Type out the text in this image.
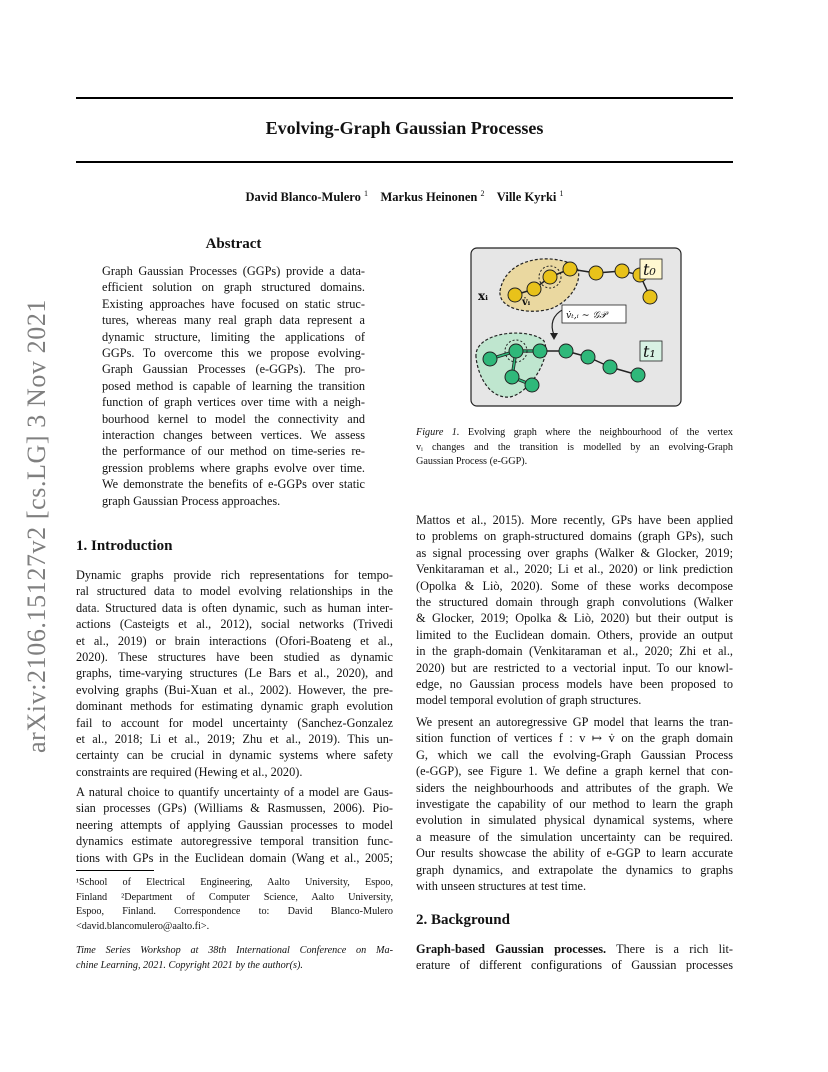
arXiv:2106.15127v2 [cs.LG] 3 Nov 2021
Evolving-Graph Gaussian Processes
David Blanco-Mulero $^1$ Markus Heinonen $^2$ Ville Kyrki $^1$
Abstract
Graph Gaussian Processes (GGPs) provide a data-
efficient solution on graph structured domains.
Existing approaches have focused on static struc-
tures, whereas many real graph data represent a
dynamic structure, limiting the applications of
GGPs. To overcome this we propose evolving-
Graph Gaussian Processes (e-GGPs). The pro-
posed method is capable of learning the transition
function of graph vertices over time with a neigh-
bourhood kernel to model the connectivity and
interaction changes between vertices. We assess
the performance of our method on time-series re-
gression problems where graphs evolve over time.
We demonstrate the benefits of e-GGPs over static
graph Gaussian Process approaches.
1. Introduction
Dynamic graphs provide rich representations for tempo-
ral structured data to model evolving relationships in the
data. Structured data is often dynamic, such as human inter-
actions (Casteigts et al., 2012), social networks (Trivedi
et al., 2019) or brain interactions (Ofori-Boateng et al.,
2020). These structures have been studied as dynamic
graphs, time-varying structures (Le Bars et al., 2020), and
evolving graphs (Bui-Xuan et al., 2002). However, the pre-
dominant methods for estimating dynamic graph evolution
fail to account for model uncertainty (Sanchez-Gonzalez
et al., 2018; Li et al., 2019; Zhu et al., 2019). This un-
certainty can be crucial in dynamic systems where safety
constraints are required (Hewing et al., 2020).
A natural choice to quantify uncertainty of a model are Gaus-
sian processes (GPs) (Williams & Rasmussen, 2006). Pio-
neering attempts of applying Gaussian processes to model
dynamics estimate autoregressive temporal transition func-
tions with GPs in the Euclidean domain (Wang et al., 2005;
¹School of Electrical Engineering, Aalto University, Espoo,
Finland ²Department of Computer Science, Aalto University,
Espoo, Finland. Correspondence to: David Blanco-Mulero
<david.blancomulero@aalto.fi>.
Time Series Workshop at 38th International Conference on Ma-
chine Learning, 2021. Copyright 2021 by the author(s).
t₀
xᵢ	v̇ᵢ
v̇ₜ,ᵢ ∼ 𝒢𝒫
t₁
Figure 1. Evolving graph where the neighbourhood of the vertex
vᵢ changes and the transition is modelled by an evolving-Graph
Gaussian Process (e-GGP).
Mattos et al., 2015). More recently, GPs have been applied
to problems on graph-structured domains (graph GPs), such
as signal processing over graphs (Walker & Glocker, 2019;
Venkitaraman et al., 2020; Li et al., 2020) or link prediction
(Opolka & Liò, 2020). Some of these works decompose
the structured domain through graph convolutions (Walker
& Glocker, 2019; Opolka & Liò, 2020) but their output is
limited to the Euclidean domain. Others, provide an output
in the graph-domain (Venkitaraman et al., 2020; Zhi et al.,
2020) but are restricted to a vectorial input. To our knowl-
edge, no Gaussian process models have been proposed to
model temporal evolution of graph structures.
We present an autoregressive GP model that learns the tran-
sition function of vertices f : v ↦ v̇ on the graph domain
G, which we call the evolving-Graph Gaussian Process
(e-GGP), see Figure 1. We define a graph kernel that con-
siders the neighbourhoods and attributes of the graph. We
investigate the capability of our method to learn the graph
evolution in simulated physical dynamical systems, where
a measure of the simulation uncertainty can be required.
Our results showcase the ability of e-GGP to learn accurate
graph dynamics, and extrapolate the dynamics to graphs
with unseen structures at test time.
2. Background
Graph-based Gaussian processes. There is a rich lit-
erature of different configurations of Gaussian processes
